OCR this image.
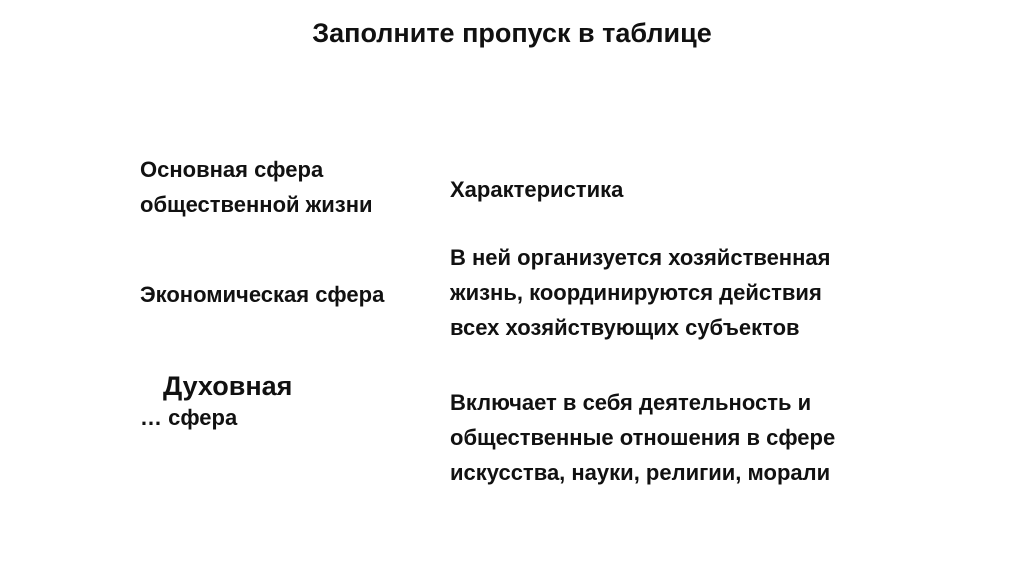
Заполните пропуск в таблице
Основная сфера
общественной жизни
Характеристика
Экономическая сфера
В ней организуется хозяйственная
жизнь, координируются действия
всех хозяйствующих субъектов
Духовная
… сфера
Включает в себя деятельность и
общественные отношения в сфере
искусства, науки, религии, морали
